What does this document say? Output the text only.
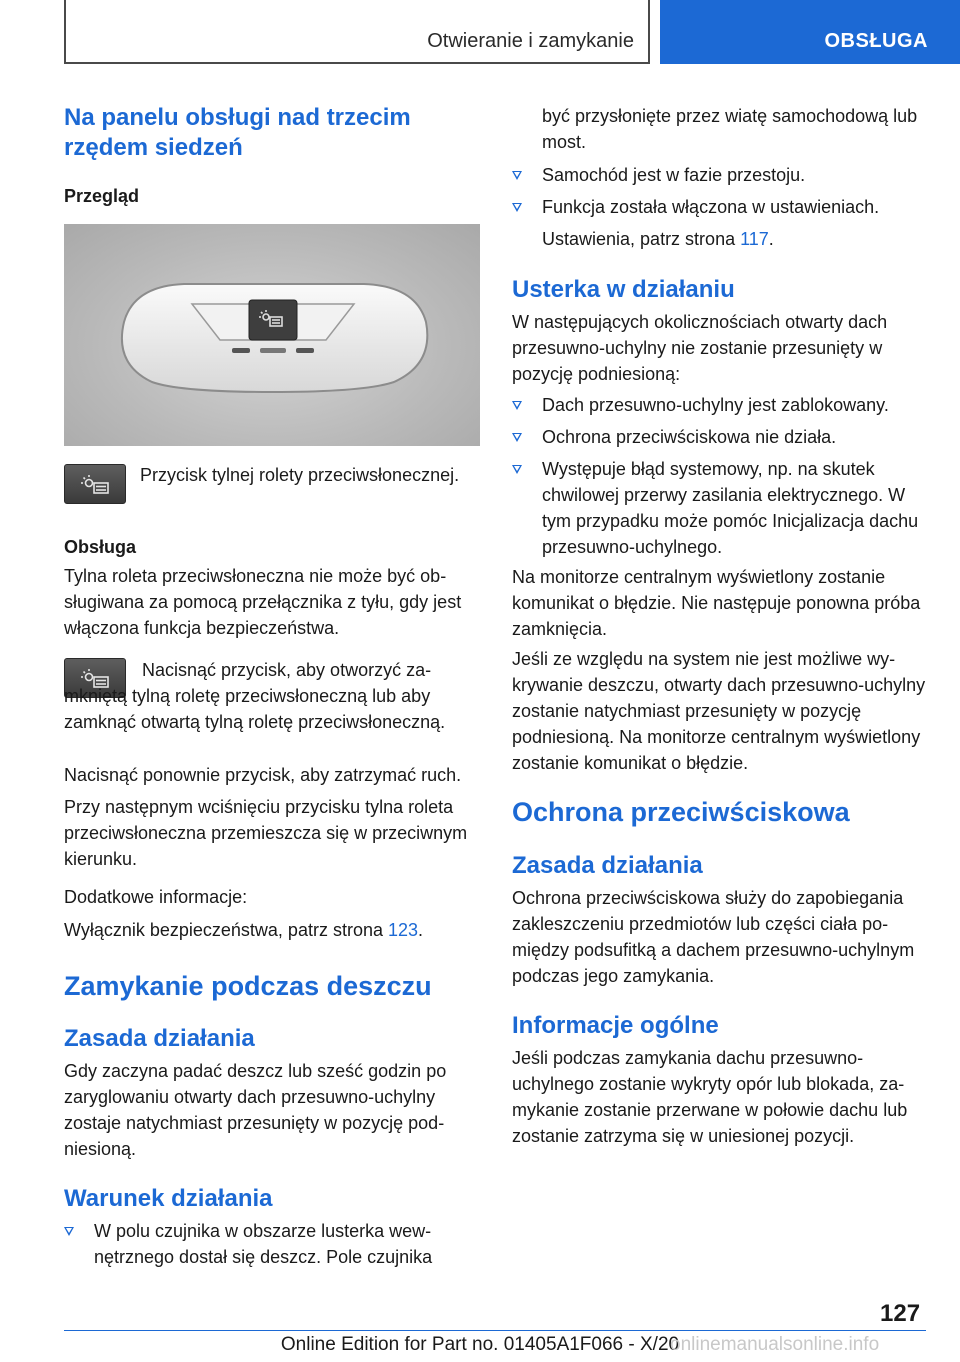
Otwieranie i zamykanie	OBSŁUGA
Na panelu obsługi nad trzecim rzędem siedzeń
Przegląd
Przycisk tylnej rolety przeciwsłonecznej.
Obsługa
Tylna roleta przeciwsłoneczna nie może być obsługiwana za pomocą przełącznika z tyłu, gdy jest włączona funkcja bezpieczeństwa.
Nacisnąć przycisk, aby otworzyć zamkniętą tylną roletę przeciwsłoneczną lub aby zamknąć otwartą tylną roletę przeciwsłoneczną.
Nacisnąć ponownie przycisk, aby zatrzymać ruch.
Przy następnym wciśnięciu przycisku tylna roleta przeciwsłoneczna przemieszcza się w przeciwnym kierunku.
Dodatkowe informacje:
Wyłącznik bezpieczeństwa, patrz strona 123.
Zamykanie podczas deszczu
Zasada działania
Gdy zaczyna padać deszcz lub sześć godzin po zaryglowaniu otwarty dach przesuwno-uchylny zostaje natychmiast przesunięty w pozycję podniesioną.
Warunek działania
W polu czujnika w obszarze lusterka wewnętrznego dostał się deszcz. Pole czujnika
być przysłonięte przez wiatę samochodową lub most.
Samochód jest w fazie przestoju.
Funkcja została włączona w ustawieniach.
Ustawienia, patrz strona 117.
Usterka w działaniu
W następujących okolicznościach otwarty dach przesuwno-uchylny nie zostanie przesunięty w pozycję podniesioną:
Dach przesuwno-uchylny jest zablokowany.
Ochrona przeciwściskowa nie działa.
Występuje błąd systemowy, np. na skutek chwilowej przerwy zasilania elektrycznego. W tym przypadku może pomóc Inicjalizacja dachu przesuwno-uchylnego.
Na monitorze centralnym wyświetlony zostanie komunikat o błędzie. Nie następuje ponowna próba zamknięcia.
Jeśli ze względu na system nie jest możliwe wykrywanie deszczu, otwarty dach przesuwno-uchylny zostanie natychmiast przesunięty w pozycję podniesioną. Na monitorze centralnym wyświetlony zostanie komunikat o błędzie.
Ochrona przeciwściskowa
Zasada działania
Ochrona przeciwściskowa służy do zapobiegania zakleszczeniu przedmiotów lub części ciała pomiędzy podsufitką a dachem przesuwno-uchylnym podczas jego zamykania.
Informacje ogólne
Jeśli podczas zamykania dachu przesuwno-uchylnego zostanie wykryty opór lub blokada, zamykanie zostanie przerwane w połowie dachu lub zostanie zatrzyma się w uniesionej pozycji.
127
Online Edition for Part no. 01405A1F066 - X/20
onlinemanualsonline.info
